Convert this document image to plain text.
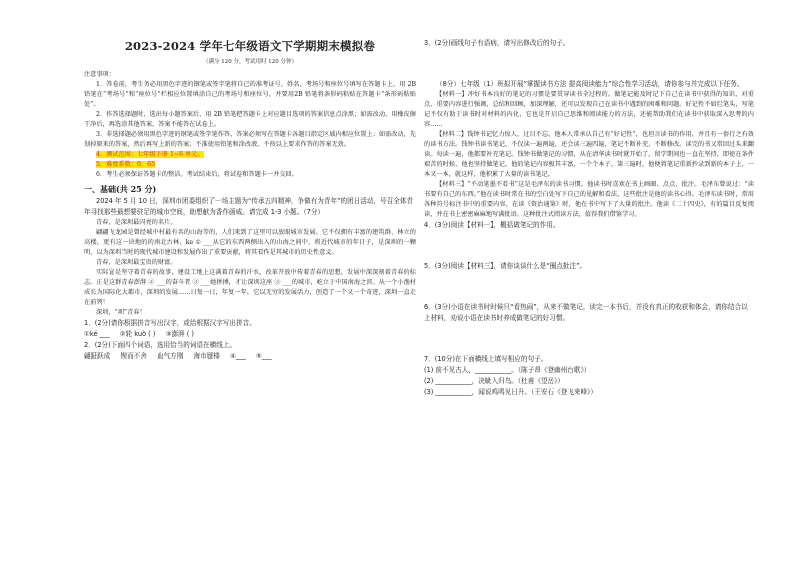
2023-2024 学年七年级语文下学期期末模拟卷
（满分 120 分，考试用时 120 分钟）

注意事项：

1．答卷前，考生务必用黑色字迹的钢笔或签字笔将自己的准考证号、姓名、考场号和座位号填写在答题卡上，用 2B 铅笔在“考场号”和“座位号”栏相应位置填涂自己的考场号和座位号，并要用2B 铅笔将条形码粘贴在答题卡“条形码粘贴处”。

2．作答选择题时，选出每小题答案后，用 2B 铅笔把答题卡上对应题目选项的答案信息点涂黑；如需改动，用橡皮擦干净后，再选涂其他答案，答案不能答在试卷上。

3．非选择题必须用黑色字迹的钢笔或签字笔作答，答案必须写在答题卡各题目指定区域内相应位置上；如需改动，先划掉原来的答案，然后再写上新的答案；不准使用铅笔和涂改液。不按以上要求作答的答案无效。

4．测试范围：七年级下册 1~6 单元。

5．难度系数：0．65

6．考生必须保证答题卡的整洁。考试结束后，将试卷和答题卡一并交回。

一、基础(共 25 分)

2024 年 5 月 10 日，深圳市团委组织了一场主题为“传承五四精神，争做有为青年”的团日活动，号召全体青年寻找那些最想要驻足的城市空间，助想献为香作画威。请完成 1-3 小题。（7分）

青春，是深圳最闪亮的名片。

翩翩飞龙园是曾经城中村最有名的山海等的，人们来到了这里可以放眼城市发展。它不仅拥有丰富的建筑群、林立的高楼，更有这一块地的的南北古林，ke ① ___从它的东西两侧出入的山海之间中，将近代城市的年日子，是深圳的一颗明，以为深圳当时的现代城市建设和发展作出了重要贡献，将其看作是其城市的历史性意义。

青春，是深圳最宝贵的财富。

实际宣是坚守着青春的故事，建设工地上这满着青春的汗水，改革开放中传着青春的思想，发展中深深刻着青春的标志。正是这群青春澎湃 ② ___的奋斗者 ③ ___她拼搏，才让深圳这座 ③ ___的城市，屹立于中国南海之滨。从一个小渔村成长为国际化大都市，深圳的发展……日复一日，年复一年，它以无穷的发展活力，创造了一个又一个奇迹，深圳一直走在前列！

深圳，“圳”青春！

1．(2分)请你根据拼音写出汉字，或给根据汉字写出拼音。

①ké ___ ②轮 kuò ( ) ③澎湃 ( )

2．(2分)下面四个词语，选用恰当的词语在横线上。

翩跹跃成 锲而不舍 血气方刚 海市蜃楼 ④___ ⑤___

3．(2分)画线句子有语病，请写出修改后的句子。

（8分）七年级（1）班拟开展“掌握读书方法 提高阅读能力”综合性学习活动，请你参与并完成以下任务。

【材料一】冲好书本良好的笔记的习惯是要贯穿读书全过程的。做笔记能及时记下自己在读书中获得的知识，对重点、重要内容进行强调，总结和回顾，加深理解，还可以发现自己在读书中遇到的困难和问题。好记性不如烂笔头，写笔记不仅有助于读书时对材料的内化，它也是开启自己思维和阅读能力的方法，还能帮助我们在读书中获取深入思考的内容……

【材料二】钱钟书记忆力惊人，过目不忘，他本人常承认自己有“好记性”，也坦言读书的作用，并且有一套行之有效的读书方法。钱钟书读书笔记，不仅读一遍两遍，还会读三遍四遍，笔记不断补充，不断修改。读完的书又常回过头来翻读。每读一遍，他都要补充笔记。钱钟书做笔记的习惯，从在清华读书时就开始了，留学期间也一直在坚持。即使在条件艰苦的时候，他也坚持做笔记。他的笔记内容极其丰富，一个个本子，第三遍时，他便将笔记重新抄录到新的本子上，一本又一本，就这样，他积累了大量的读书笔记。

【材料三】“不动笔墨不看书”这是毛泽东的读书习惯。他读书时喜欢在书上画圈、点点、批注。毛泽东曾说过：“读书要有自己的东西。”他在读书时常在书的空白处写下自己的见解和看法，这些批注是他的读书心得。毛泽东读书时，常用各种符号标注书中的重要内容，在读《资治通鉴》时，他在书中写下了大量的批注。他读《二十四史》，有的篇目反复阅读，并在书上密密麻麻地写满批语。这种批注式阅读方法，值得我们借鉴学习。

4．(3分)阅读【材料一】，概括做笔记的作用。

5．(3分)阅读【材料三】，请你谈谈什么是“圈点批注”。

6．(3分)小语在读书时时候只“看热闹”，从来不做笔记，读完一本书后，并没有真正的收获和体会，请你结合以上材料，劝说小语在读书时养成做笔记的好习惯。

7．(10分)在下面横线上填写相应的句子。

(1) 前不见古人，___________。（陈子昂《登幽州台歌》）

(2) ___________，决眦入归鸟。（杜甫《望岳》）

(3) ___________，闻说鸡鸣见日升。（王安石《登飞来峰》）
